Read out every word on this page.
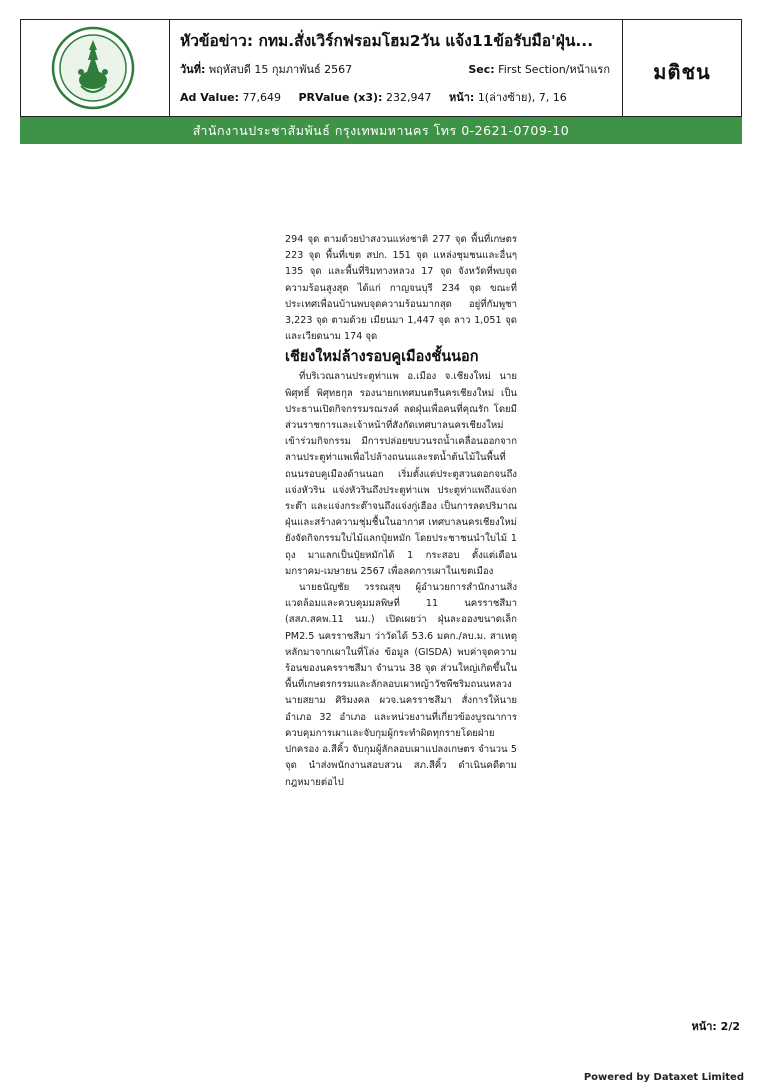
หัวข้อข่าว: กทม.สั่งเวิร์กฟรอมโฮม2วัน แจ้ง11ข้อรับมือ'ฝุ่น...
วันที่: พฤหัสบดี 15 กุมภาพันธ์ 2567	Sec: First Section/หน้าแรก
Ad Value: 77,649 PRValue (x3): 232,947 หน้า: 1(ล่างซ้าย), 7, 16
มติชน
สำนักงานประชาสัมพันธ์ กรุงเทพมหานคร โทร 0-2621-0709-10

294 จุด ตามด้วยป่าสงวนแห่งชาติ 277 จุด พื้นที่เกษตร 223 จุด พื้นที่เขต สปก. 151 จุด แหล่งชุมชนและอื่นๆ 135 จุด และพื้นที่ริมทางหลวง 17 จุด จังหวัดที่พบจุดความร้อนสูงสุด ได้แก่ กาญจนบุรี 234 จุด ขณะที่ประเทศเพื่อนบ้านพบจุดความร้อนมากสุด อยู่ที่กัมพูชา 3,223 จุด ตามด้วย เมียนมา 1,447 จุด ลาว 1,051 จุด และเวียดนาม 174 จุด

เชียงใหม่ล้างรอบคูเมืองชั้นนอก

ที่บริเวณลานประตูท่าแพ อ.เมือง จ.เชียงใหม่ นายพิศุทธิ์ พิศุทธกุล รองนายกเทศมนตรีนครเชียงใหม่ เป็นประธานเปิดกิจกรรมรณรงค์ ลดฝุ่นเพื่อคนที่คุณรัก โดยมีส่วนราชการและเจ้าหน้าที่สังกัดเทศบาลนครเชียงใหม่เข้าร่วมกิจกรรม มีการปล่อยขบวนรถน้ำเคลื่อนออกจากลานประตูท่าแพเพื่อไปล้างถนนและรดน้ำต้นไม้ในพื้นที่ถนนรอบคูเมืองด้านนอก เริ่มตั้งแต่ประตูสวนดอกจนถึงแจ่งหัวริน แจ่งหัวรินถึงประตูท่าแพ ประตูท่าแพถึงแจ่งกระต๊า และแจ่งกระต๊าจนถึงแจ่งกู่เฮือง เป็นการลดปริมาณฝุ่นและสร้างความชุ่มชื้นในอากาศ เทศบาลนครเชียงใหม่ยังจัดกิจกรรมใบไม้แลกปุ๋ยหมัก โดยประชาชนนำใบไม้ 1 ถุง มาแลกเป็นปุ๋ยหมักได้ 1 กระสอบ ตั้งแต่เดือนมกราคม-เมษายน 2567 เพื่อลดการเผาในเขตเมือง

นายธนัญชัย วรรณสุข ผู้อำนวยการสำนักงานสิ่งแวดล้อมและควบคุมมลพิษที่ 11 นครราชสีมา (สสภ.สคพ.11 นม.) เปิดเผยว่า ฝุ่นละอองขนาดเล็ก PM2.5 นครราชสีมา ว่าวัดได้ 53.6 มคก./ลบ.ม. สาเหตุหลักมาจากเผาในที่โล่ง ข้อมูล (GISDA) พบค่าจุดความร้อนของนครราชสีมา จำนวน 38 จุด ส่วนใหญ่เกิดขึ้นในพื้นที่เกษตรกรรมและลักลอบเผาหญ้าวัชพืชริมถนนหลวง นายสยาม ศิริมงคล ผวจ.นครราชสีมา สั่งการให้นายอำเภอ 32 อำเภอ และหน่วยงานที่เกี่ยวข้องบูรณาการควบคุมการเผาและจับกุมผู้กระทำผิดทุกรายโดยฝ่ายปกครอง อ.สีคิ้ว จับกุมผู้ลักลอบเผาแปลงเกษตร จำนวน 5 จุด นำส่งพนักงานสอบสวน สภ.สีคิ้ว ดำเนินคดีตามกฎหมายต่อไป

หน้า: 2/2
Powered by Dataxet Limited
